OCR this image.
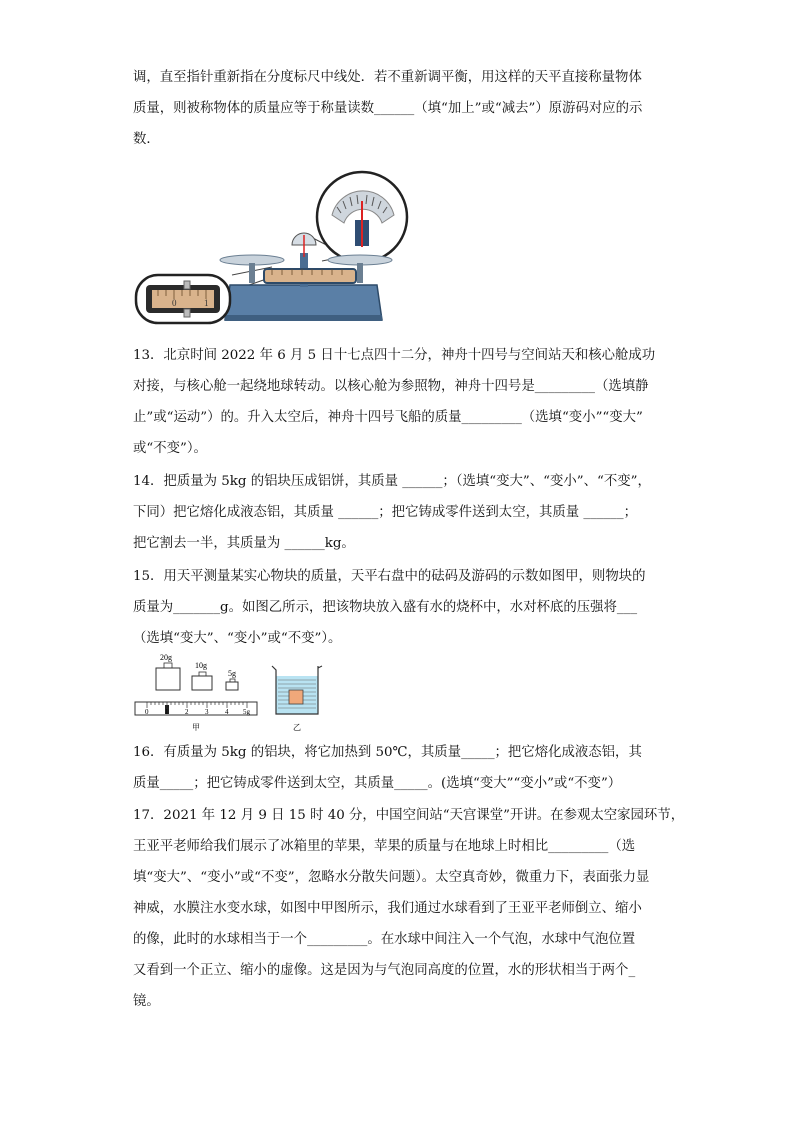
调，直至指针重新指在分度标尺中线处．若不重新调平衡，用这样的天平直接称量物体
质量，则被称物体的质量应等于称量读数______（填“加上”或“减去”）原游码对应的示
数．
0	1
13．北京时间 2022 年 6 月 5 日十七点四十二分，神舟十四号与空间站天和核心舱成功
对接，与核心舱一起绕地球转动。以核心舱为参照物，神舟十四号是_________（选填静
止”或“运动”）的。升入太空后，神舟十四号飞船的质量_________（选填“变小”“变大”
或“不变”）。
14．把质量为 5kg 的铝块压成铝饼，其质量 ______；（选填“变大”、“变小”、“不变”，
下同）把它熔化成液态铝，其质量 ______；把它铸成零件送到太空，其质量 ______；
把它割去一半，其质量为 ______kg。
15．用天平测量某实心物块的质量，天平右盘中的砝码及游码的示数如图甲，则物块的
质量为_______g。如图乙所示，把该物块放入盛有水的烧杯中，水对杯底的压强将___
（选填“变大”、“变小”或“不变”）。
20g
10g
5g
0 1 2 3 4 5g
甲	乙
16．有质量为 5kg 的铝块，将它加热到 50℃，其质量_____；把它熔化成液态铝，其
质量_____；把它铸成零件送到太空，其质量_____。(选填“变大”“变小”或“不变”）
17．2021 年 12 月 9 日 15 时 40 分，中国空间站“天宫课堂”开讲。在参观太空家园环节，
王亚平老师给我们展示了冰箱里的苹果，苹果的质量与在地球上时相比_________（选
填“变大”、“变小”或“不变”，忽略水分散失问题）。太空真奇妙，微重力下，表面张力显
神威，水膜注水变水球，如图中甲图所示，我们通过水球看到了王亚平老师倒立、缩小
的像，此时的水球相当于一个_________。在水球中间注入一个气泡，水球中气泡位置
又看到一个正立、缩小的虚像。这是因为与气泡同高度的位置，水的形状相当于两个_
镜。
